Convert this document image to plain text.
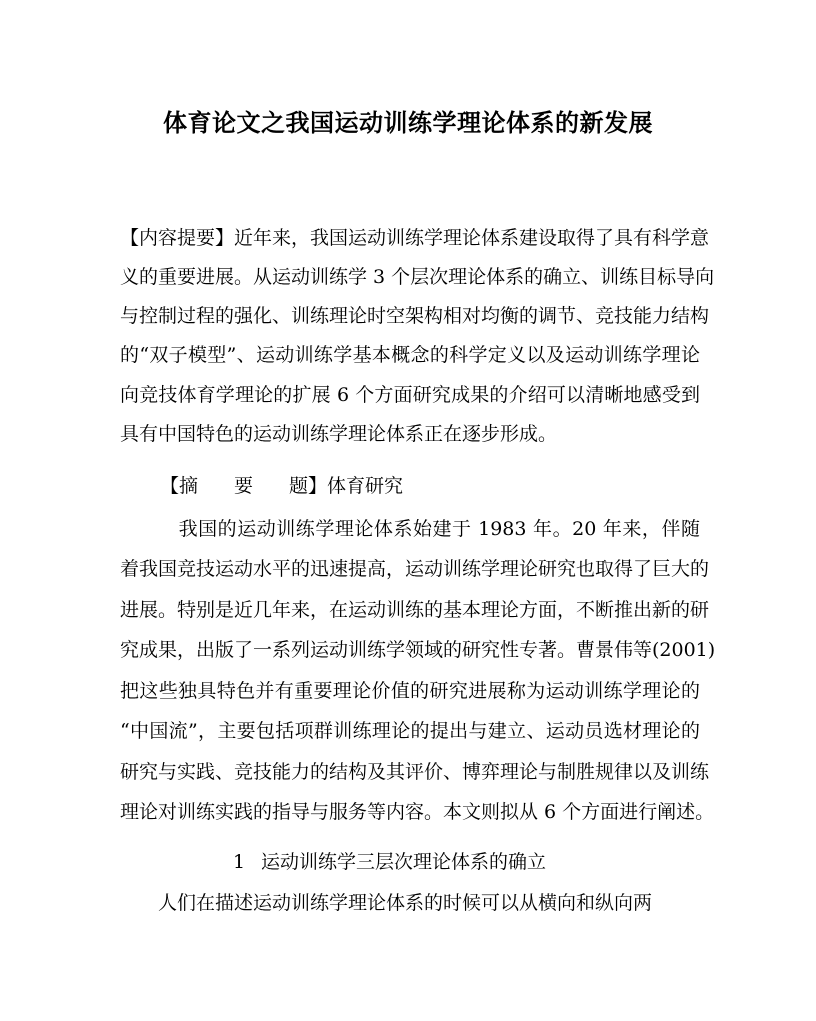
体育论文之我国运动训练学理论体系的新发展
【内容提要】近年来，我国运动训练学理论体系建设取得了具有科学意
义的重要进展。从运动训练学 3 个层次理论体系的确立、训练目标导向
与控制过程的强化、训练理论时空架构相对均衡的调节、竞技能力结构
的“双子模型”、运动训练学基本概念的科学定义以及运动训练学理论
向竞技体育学理论的扩展 6 个方面研究成果的介绍可以清晰地感受到
具有中国特色的运动训练学理论体系正在逐步形成。
【摘 要 题】体育研究
　　　我国的运动训练学理论体系始建于 1983 年。20 年来，伴随
着我国竞技运动水平的迅速提高，运动训练学理论研究也取得了巨大的
进展。特别是近几年来，在运动训练的基本理论方面，不断推出新的研
究成果，出版了一系列运动训练学领域的研究性专著。曹景伟等(2001)
把这些独具特色并有重要理论价值的研究进展称为运动训练学理论的
“中国流”，主要包括项群训练理论的提出与建立、运动员选材理论的
研究与实践、竞技能力的结构及其评价、博弈理论与制胜规律以及训练
理论对训练实践的指导与服务等内容。本文则拟从 6 个方面进行阐述。
1 运动训练学三层次理论体系的确立
　　人们在描述运动训练学理论体系的时候可以从横向和纵向两
